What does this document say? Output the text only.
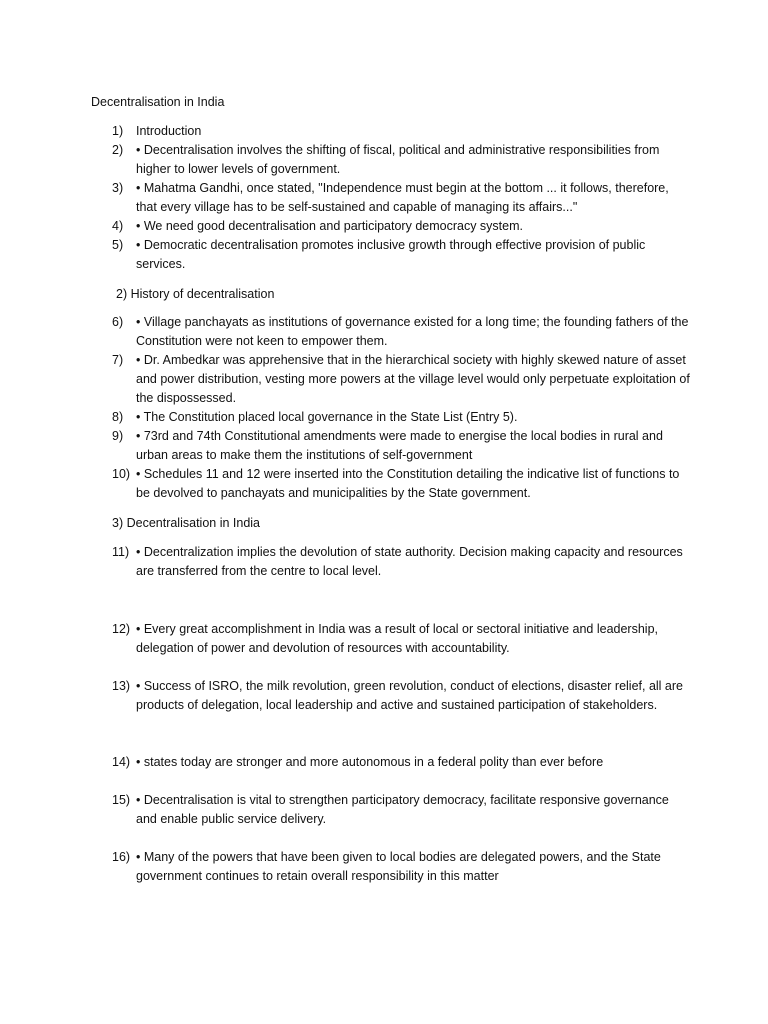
Decentralisation in India
1) Introduction
2) • Decentralisation involves the shifting of fiscal, political and administrative responsibilities from higher to lower levels of government.
3) • Mahatma Gandhi, once stated, "Independence must begin at the bottom ... it follows, therefore, that every village has to be self-sustained and capable of managing its affairs..."
4) • We need good decentralisation and participatory democracy system.
5) • Democratic decentralisation promotes inclusive growth through effective provision of public services.
2) History of decentralisation
6) • Village panchayats as institutions of governance existed for a long time; the founding fathers of the Constitution were not keen to empower them.
7) • Dr. Ambedkar was apprehensive that in the hierarchical society with highly skewed nature of asset and power distribution, vesting more powers at the village level would only perpetuate exploitation of the dispossessed.
8) • The Constitution placed local governance in the State List (Entry 5).
9) • 73rd and 74th Constitutional amendments were made to energise the local bodies in rural and urban areas to make them the institutions of self-government
10) • Schedules 11 and 12 were inserted into the Constitution detailing the indicative list of functions to be devolved to panchayats and municipalities by the State government.
3) Decentralisation in India
11) • Decentralization implies the devolution of state authority. Decision making capacity and resources are transferred from the centre to local level.
12) • Every great accomplishment in India was a result of local or sectoral initiative and leadership, delegation of power and devolution of resources with accountability.
13) • Success of ISRO, the milk revolution, green revolution, conduct of elections, disaster relief, all are products of delegation, local leadership and active and sustained participation of stakeholders.
14) • states today are stronger and more autonomous in a federal polity than ever before
15) • Decentralisation is vital to strengthen participatory democracy, facilitate responsive governance and enable public service delivery.
16) • Many of the powers that have been given to local bodies are delegated powers, and the State government continues to retain overall responsibility in this matter
